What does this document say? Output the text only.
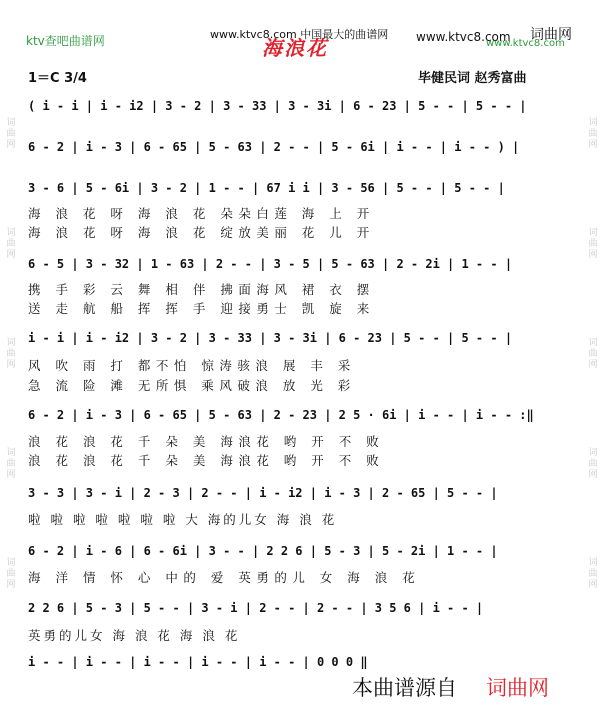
词曲网
词曲网
词曲网
词曲网
词曲网
词曲网
词曲网
词曲网
词曲网
词曲网
ktv查吧曲谱网	www.ktvc8.com 中国最大的曲谱网 www.ktvc8.com 词曲网
www.ktvc8.com
海浪花
1＝C 3/4	毕健民词 赵秀富曲
( i - i | i - i2 | 3 - 2 | 3 - 33 | 3 - 3i | 6 - 23 | 5 - - | 5 - - |
6 - 2 | i - 3 | 6 - 65 | 5 - 63 | 2 - - | 5 - 6i | i - - | i - - ) |
3 - 6 | 5 - 6i | 3 - 2 | 1 - - | 67 i i | 3 - 56 | 5 - - | 5 - - |
海 浪 花 呀 海 浪 花 朵朵白莲 海 上 开
海 浪 花 呀 海 浪 花 绽放美丽 花 儿 开
6 - 5 | 3 - 32 | 1 - 63 | 2 - - | 3 - 5 | 5 - 63 | 2 - 2i | 1 - - |
携 手 彩 云 舞 相 伴 拂面海风 裙 衣 摆
送 走 航 船 挥 挥 手 迎接勇士 凯 旋 来
i - i | i - i2 | 3 - 2 | 3 - 33 | 3 - 3i | 6 - 23 | 5 - - | 5 - - |
风 吹 雨 打 都不怕 惊涛骇浪 展 丰 采
急 流 险 滩 无所惧 乘风破浪 放 光 彩
6 - 2 | i - 3 | 6 - 65 | 5 - 63 | 2 - 23 | 2 5 · 6i | i - - | i - - :‖
浪 花 浪 花 千 朵 美 海浪花 哟 开 不 败
浪 花 浪 花 千 朵 美 海浪花 哟 开 不 败
3 - 3 | 3 - i | 2 - 3 | 2 - - | i - i2 | i - 3 | 2 - 65 | 5 - - |
啦 啦 啦 啦 啦 啦 啦 大 海的儿女 海 浪 花
6 - 2 | i - 6 | 6 - 6i | 3 - - | 2 2 6 | 5 - 3 | 5 - 2i | 1 - - |
海 洋 情 怀 心 中的 爱 英勇的儿 女 海 浪 花
2 2 6 | 5 - 3 | 5 - - | 3 - i | 2 - - | 2 - - | 3 5 6 | i - - |
英勇的儿女 海 浪 花 海 浪 花
i - - | i - - | i - - | i - - | i - - | 0 0 0 ‖
本曲谱源自 词曲网
